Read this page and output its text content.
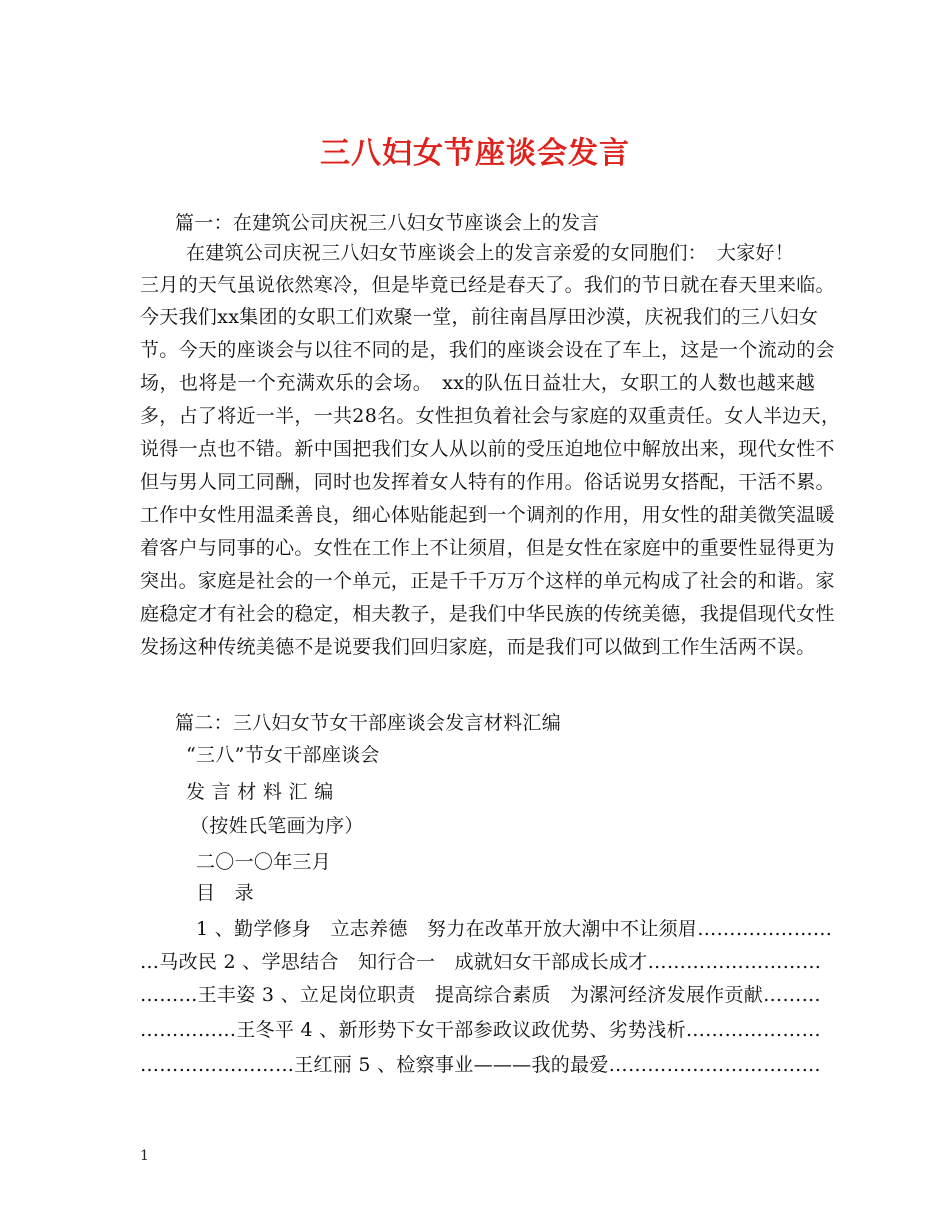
三八妇女节座谈会发言
篇一：在建筑公司庆祝三八妇女节座谈会上的发言
在建筑公司庆祝三八妇女节座谈会上的发言亲爱的女同胞们：　大家好！
三月的天气虽说依然寒冷，但是毕竟已经是春天了。我们的节日就在春天里来临。
今天我们xx集团的女职工们欢聚一堂，前往南昌厚田沙漠，庆祝我们的三八妇女
节。今天的座谈会与以往不同的是，我们的座谈会设在了车上，这是一个流动的会
场，也将是一个充满欢乐的会场。　xx的队伍日益壮大，女职工的人数也越来越
多，占了将近一半，一共28名。女性担负着社会与家庭的双重责任。女人半边天，
说得一点也不错。新中国把我们女人从以前的受压迫地位中解放出来，现代女性不
但与男人同工同酬，同时也发挥着女人特有的作用。俗话说男女搭配，干活不累。
工作中女性用温柔善良，细心体贴能起到一个调剂的作用，用女性的甜美微笑温暖
着客户与同事的心。女性在工作上不让须眉，但是女性在家庭中的重要性显得更为
突出。家庭是社会的一个单元，正是千千万万个这样的单元构成了社会的和谐。家
庭稳定才有社会的稳定，相夫教子，是我们中华民族的传统美德，我提倡现代女性
发扬这种传统美德不是说要我们回归家庭，而是我们可以做到工作生活两不误。
篇二：三八妇女节女干部座谈会发言材料汇编
“三八”节女干部座谈会
发 言 材 料 汇 编
（按姓氏笔画为序）
二〇一〇年三月
目　录
1 、勤学修身　立志养德　努力在改革开放大潮中不让须眉………………...
…马改民 2 、学思结合　知行合一　成就妇女干部成长成才………………………
……...王丰姿 3 、立足岗位职责　提高综合素质　为漯河经济发展作贡献………
…………...王冬平 4 、新形势下女干部参政议政优势、劣势浅析…………………
…………………...王红丽 5 、检察事业———我的最爱……………………………
1
